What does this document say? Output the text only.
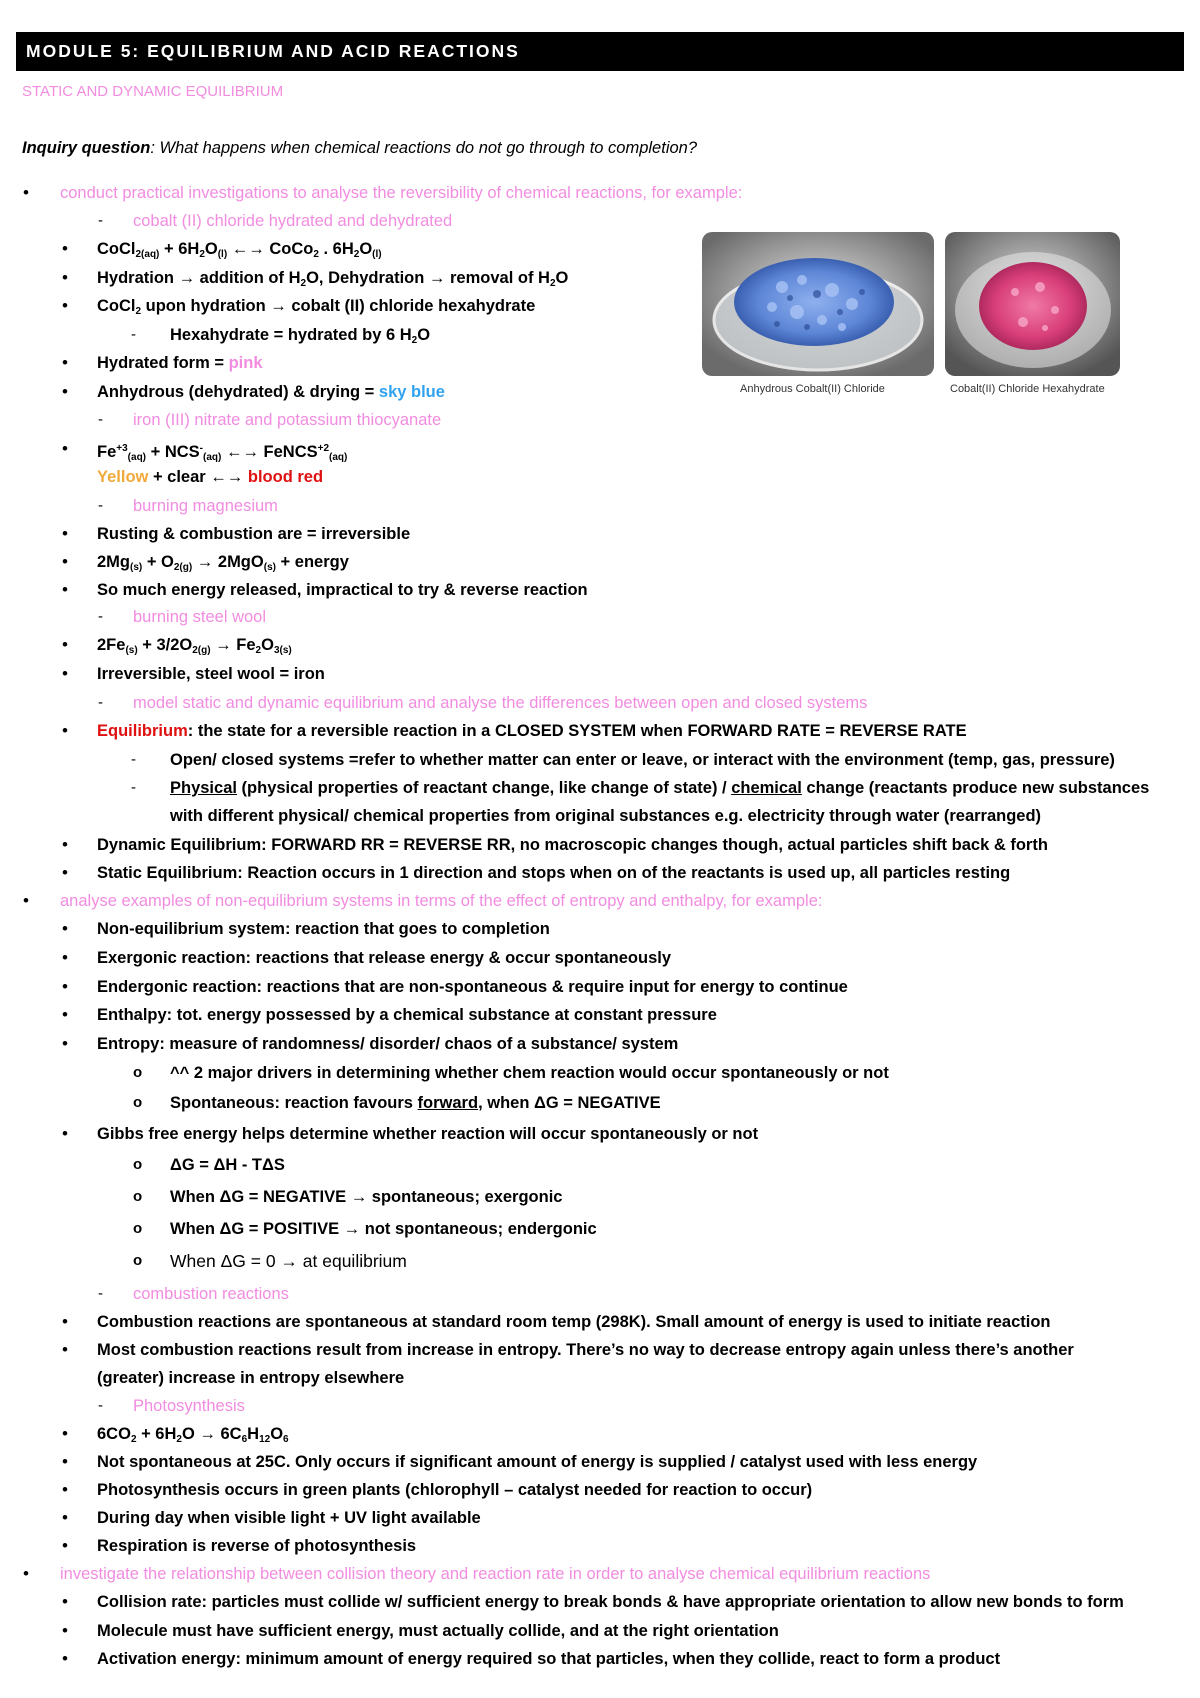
MODULE 5: EQUILIBRIUM AND ACID REACTIONS
STATIC AND DYNAMIC EQUILIBRIUM
Inquiry question: What happens when chemical reactions do not go through to completion?
Anhydrous Cobalt(II) Chloride	Cobalt(II) Chloride Hexahydrate
• conduct practical investigations to analyse the reversibility of chemical reactions, for example:
- cobalt (II) chloride hydrated and dehydrated
• CoCl2(aq) + 6H2O(l) ←→ CoCo2 . 6H2O(l)
• Hydration → addition of H2O, Dehydration → removal of H2O
• CoCl2 upon hydration → cobalt (II) chloride hexahydrate
- Hexahydrate = hydrated by 6 H2O
• Hydrated form = pink
• Anhydrous (dehydrated) & drying = sky blue
- iron (III) nitrate and potassium thiocyanate
• $Fe^{+3}(aq) + NCS^-(aq)$ ←→ FeNCS$^{+2}$(aq)
Yellow + clear ←→ blood red
- burning magnesium
• Rusting & combustion are = irreversible
• 2Mg(s) + O2(g) → 2MgO(s) + energy
• So much energy released, impractical to try & reverse reaction
- burning steel wool
• 2Fe(s) + 3/2O2(g) → Fe2O3(s)
• Irreversible, steel wool = iron
- model static and dynamic equilibrium and analyse the differences between open and closed systems
• Equilibrium: the state for a reversible reaction in a CLOSED SYSTEM when FORWARD RATE = REVERSE RATE
- Open/ closed systems =refer to whether matter can enter or leave, or interact with the environment (temp, gas, pressure)
- Physical (physical properties of reactant change, like change of state) / chemical change (reactants produce new substances
with different physical/ chemical properties from original substances e.g. electricity through water (rearranged)
• Dynamic Equilibrium: FORWARD RR = REVERSE RR, no macroscopic changes though, actual particles shift back & forth
• Static Equilibrium: Reaction occurs in 1 direction and stops when on of the reactants is used up, all particles resting
• analyse examples of non-equilibrium systems in terms of the effect of entropy and enthalpy, for example:
• Non-equilibrium system: reaction that goes to completion
• Exergonic reaction: reactions that release energy & occur spontaneously
• Endergonic reaction: reactions that are non-spontaneous & require input for energy to continue
• Enthalpy: tot. energy possessed by a chemical substance at constant pressure
• Entropy: measure of randomness/ disorder/ chaos of a substance/ system
o ^^ 2 major drivers in determining whether chem reaction would occur spontaneously or not
o Spontaneous: reaction favours forward, when ΔG = NEGATIVE
• Gibbs free energy helps determine whether reaction will occur spontaneously or not
o ΔG = ΔH - TΔS
o When ΔG = NEGATIVE → spontaneous; exergonic
o When ΔG = POSITIVE → not spontaneous; endergonic
o When ΔG = 0 → at equilibrium
- combustion reactions
• Combustion reactions are spontaneous at standard room temp (298K). Small amount of energy is used to initiate reaction
• Most combustion reactions result from increase in entropy. There’s no way to decrease entropy again unless there’s another
(greater) increase in entropy elsewhere
- Photosynthesis
• 6CO2 + 6H2O → 6C6H12O6
• Not spontaneous at 25C. Only occurs if significant amount of energy is supplied / catalyst used with less energy
• Photosynthesis occurs in green plants (chlorophyll – catalyst needed for reaction to occur)
• During day when visible light + UV light available
• Respiration is reverse of photosynthesis
• investigate the relationship between collision theory and reaction rate in order to analyse chemical equilibrium reactions
• Collision rate: particles must collide w/ sufficient energy to break bonds & have appropriate orientation to allow new bonds to form
• Molecule must have sufficient energy, must actually collide, and at the right orientation
• Activation energy: minimum amount of energy required so that particles, when they collide, react to form a product
